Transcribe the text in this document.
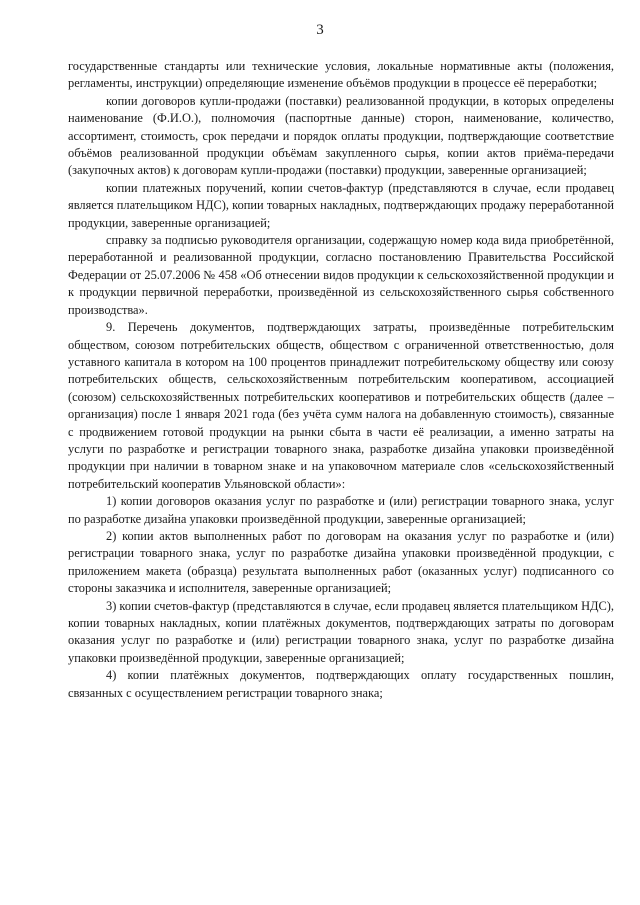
3

государственные стандарты или технические условия, локальные нормативные акты (положения, регламенты, инструкции) определяющие изменение объёмов продукции в процессе её переработки;

копии договоров купли-продажи (поставки) реализованной продукции, в которых определены наименование (Ф.И.О.), полномочия (паспортные данные) сторон, наименование, количество, ассортимент, стоимость, срок передачи и порядок оплаты продукции, подтверждающие соответствие объёмов реализованной продукции объёмам закупленного сырья, копии актов приёма-передачи (закупочных актов) к договорам купли-продажи (поставки) продукции, заверенные организацией;

копии платежных поручений, копии счетов-фактур (представляются в случае, если продавец является плательщиком НДС), копии товарных накладных, подтверждающих продажу переработанной продукции, заверенные организацией;

справку за подписью руководителя организации, содержащую номер кода вида приобретённой, переработанной и реализованной продукции, согласно постановлению Правительства Российской Федерации от 25.07.2006 № 458 «Об отнесении видов продукции к сельскохозяйственной продукции и к продукции первичной переработки, произведённой из сельскохозяйственного сырья собственного производства».

9. Перечень документов, подтверждающих затраты, произведённые потребительским обществом, союзом потребительских обществ, обществом с ограниченной ответственностью, доля уставного капитала в котором на 100 процентов принадлежит потребительскому обществу или союзу потребительских обществ, сельскохозяйственным потребительским кооперативом, ассоциацией (союзом) сельскохозяйственных потребительских кооперативов и потребительских обществ (далее – организация) после 1 января 2021 года (без учёта сумм налога на добавленную стоимость), связанные с продвижением готовой продукции на рынки сбыта в части её реализации, а именно затраты на услуги по разработке и регистрации товарного знака, разработке дизайна упаковки произведённой продукции при наличии в товарном знаке и на упаковочном материале слов «сельскохозяйственный потребительский кооператив Ульяновской области»:

1) копии договоров оказания услуг по разработке и (или) регистрации товарного знака, услуг по разработке дизайна упаковки произведённой продукции, заверенные организацией;

2) копии актов выполненных работ по договорам на оказания услуг по разработке и (или) регистрации товарного знака, услуг по разработке дизайна упаковки произведённой продукции, с приложением макета (образца) результата выполненных работ (оказанных услуг) подписанного со стороны заказчика и исполнителя, заверенные организацией;

3) копии счетов-фактур (представляются в случае, если продавец является плательщиком НДС), копии товарных накладных, копии платёжных документов, подтверждающих затраты по договорам оказания услуг по разработке и (или) регистрации товарного знака, услуг по разработке дизайна упаковки произведённой продукции, заверенные организацией;

4) копии платёжных документов, подтверждающих оплату государственных пошлин, связанных с осуществлением регистрации товарного знака;
